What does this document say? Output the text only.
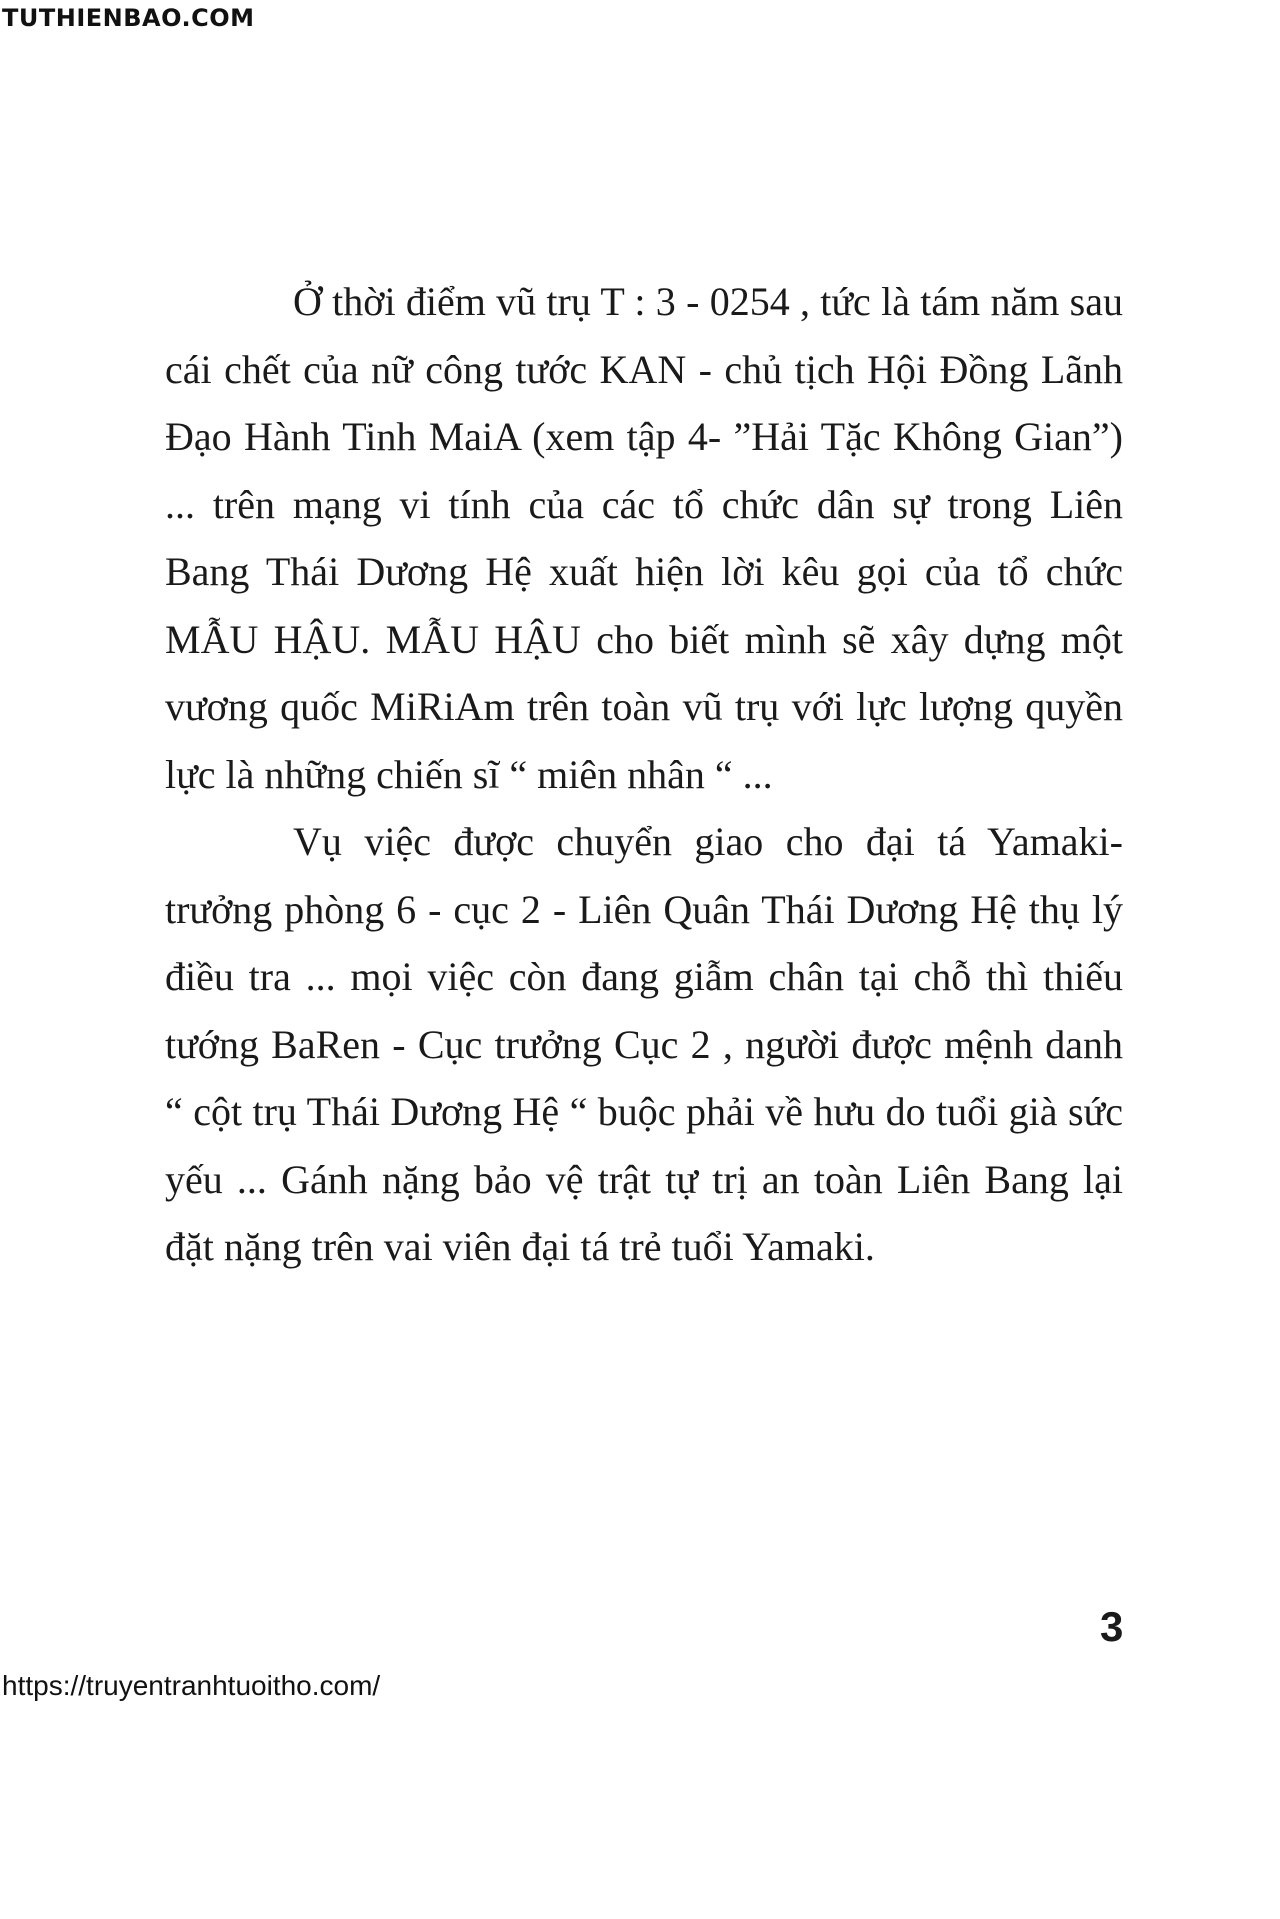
TUTHIENBAO.COM

Ở thời điểm vũ trụ T : 3 - 0254 , tức là tám năm sau cái chết của nữ công tước KAN - chủ tịch Hội Đồng Lãnh Đạo Hành Tinh MaiA (xem tập 4- ”Hải Tặc Không Gian”) ... trên mạng vi tính của các tổ chức dân sự trong Liên Bang Thái Dương Hệ xuất hiện lời kêu gọi của tổ chức MẪU HẬU. MẪU HẬU cho biết mình sẽ xây dựng một vương quốc MiRiAm trên toàn vũ trụ với lực lượng quyền lực là những chiến sĩ “ miên nhân “ ...

Vụ việc được chuyển giao cho đại tá Yamaki- trưởng phòng 6 - cục 2 - Liên Quân Thái Dương Hệ thụ lý điều tra ... mọi việc còn đang giẫm chân tại chỗ thì thiếu tướng BaRen - Cục trưởng Cục 2 , người được mệnh danh “ cột trụ Thái Dương Hệ “ buộc phải về hưu do tuổi già sức yếu ... Gánh nặng bảo vệ trật tự trị an toàn Liên Bang lại đặt nặng trên vai viên đại tá trẻ tuổi Yamaki.

3
https://truyentranhtuoitho.com/
